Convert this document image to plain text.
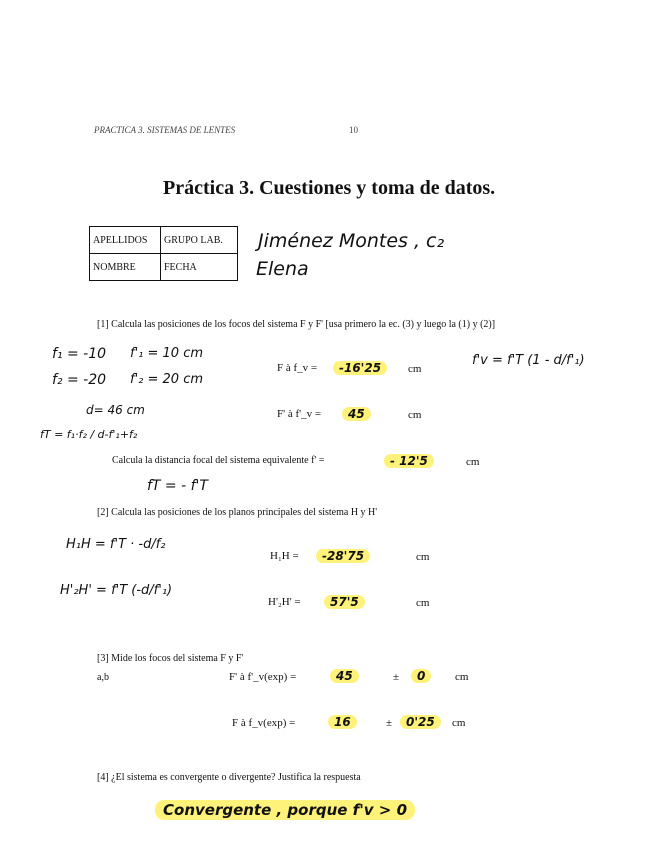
PRACTICA 3. SISTEMAS DE LENTES	10
Práctica 3. Cuestiones y toma de datos.
APELLIDOS	GRUPO LAB.
NOMBRE	FECHA
Jiménez Montes , c₂
Elena
[1] Calcula las posiciones de los focos del sistema F y F' [usa primero la ec. (3) y luego la (1) y (2)]
f₁ = -10 f'₁ = 10 cm
f₂ = -20 f'₂ = 20 cm
d= 46 cm
fT = f₁·f₂ / d-f'₁+f₂
f'v = f'T (1 - d/f'₁)
F à f_v =	-16'25	cm
F' à f'_v =	45	cm
Calcula la distancia focal del sistema equivalente f' =	- 12'5	cm
fT = - f'T
[2] Calcula las posiciones de los planos principales del sistema H y H'
H₁H = f'T · -d/f₂
H'₂H' = f'T (-d/f'₁)
H₁H =	-28'75	cm
H'₂H' =	57'5	cm
[3] Mide los focos del sistema F y F'
a,b	F' à f'_v(exp) =	45	±	0	cm
F à f_v(exp) =	16	±	0'25	cm
[4] ¿El sistema es convergente o divergente? Justifica la respuesta
Convergente , porque f'v > 0
